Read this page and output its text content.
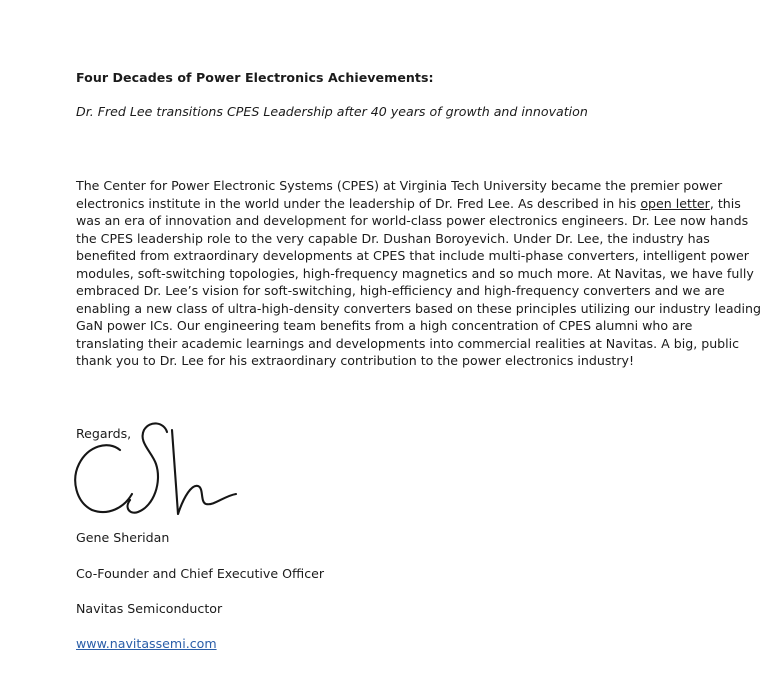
Four Decades of Power Electronics Achievements:
Dr. Fred Lee transitions CPES Leadership after 40 years of growth and innovation
The Center for Power Electronic Systems (CPES) at Virginia Tech University became the premier power
electronics institute in the world under the leadership of Dr. Fred Lee. As described in his open letter, this
was an era of innovation and development for world-class power electronics engineers. Dr. Lee now hands
the CPES leadership role to the very capable Dr. Dushan Boroyevich. Under Dr. Lee, the industry has
benefited from extraordinary developments at CPES that include multi-phase converters, intelligent power
modules, soft-switching topologies, high-frequency magnetics and so much more. At Navitas, we have fully
embraced Dr. Lee’s vision for soft-switching, high-efficiency and high-frequency converters and we are
enabling a new class of ultra-high-density converters based on these principles utilizing our industry leading
GaN power ICs. Our engineering team benefits from a high concentration of CPES alumni who are
translating their academic learnings and developments into commercial realities at Navitas. A big, public
thank you to Dr. Lee for his extraordinary contribution to the power electronics industry!
Regards,
Gene Sheridan
Co-Founder and Chief Executive Officer
Navitas Semiconductor
www.navitassemi.com
